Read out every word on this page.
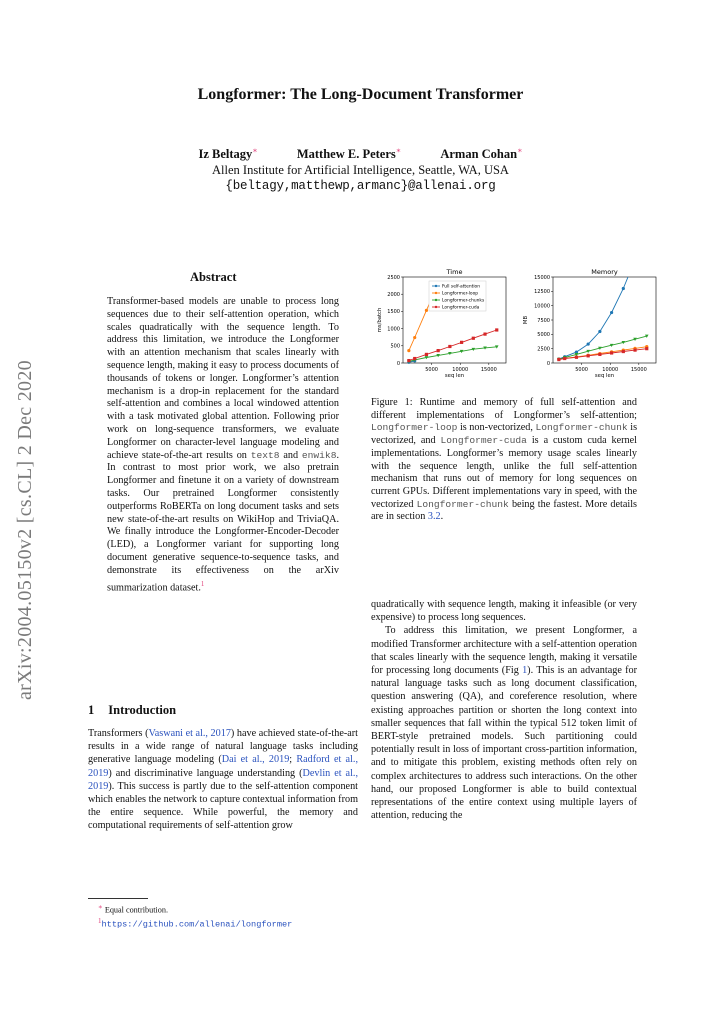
Longformer: The Long-Document Transformer
Iz Beltagy∗	Matthew E. Peters∗	Arman Cohan∗
Allen Institute for Artificial Intelligence, Seattle, WA, USA
{beltagy,matthewp,armanc}@allenai.org
arXiv:2004.05150v2 [cs.CL] 2 Dec 2020
Abstract
Transformer-based models are unable to process long sequences due to their self-attention operation, which scales quadratically with the sequence length. To address this limitation, we introduce the Longformer with an attention mechanism that scales linearly with sequence length, making it easy to process documents of thousands of tokens or longer. Longformer’s attention mechanism is a drop-in replacement for the standard self-attention and combines a local windowed attention with a task motivated global attention. Following prior work on long-sequence transformers, we evaluate Longformer on character-level language modeling and achieve state-of-the-art results on text8 and enwik8. In contrast to most prior work, we also pretrain Longformer and finetune it on a variety of downstream tasks. Our pretrained Longformer consistently outperforms RoBERTa on long document tasks and sets new state-of-the-art results on WikiHop and TriviaQA. We finally introduce the Longformer-Encoder-Decoder (LED), a Longformer variant for supporting long document generative sequence-to-sequence tasks, and demonstrate its effectiveness on the arXiv summarization dataset.$^1$
1 Introduction
Transformers (Vaswani et al., 2017) have achieved state-of-the-art results in a wide range of natural language tasks including generative language modeling (Dai et al., 2019; Radford et al., 2019) and discriminative language understanding (Devlin et al., 2019). This success is partly due to the self-attention component which enables the network to capture contextual information from the entire sequence. While powerful, the memory and computational requirements of self-attention grow
∗ Equal contribution.
$^1$https://github.com/allenai/longformer
Time
5000	10000	15000
0
500
1000
1500
2000
2500
seq len
ms/batch
Full self-attention
Longformer-loop
Longformer-chunks
Longformer-cuda
Memory
5000	10000	15000
0
2500
5000
7500
10000
12500
15000
seq len
MB
Figure 1: Runtime and memory of full self-attention and different implementations of Longformer’s self-attention; Longformer-loop is non-vectorized, Longformer-chunk is vectorized, and Longformer-cuda is a custom cuda kernel implementations. Longformer’s memory usage scales linearly with the sequence length, unlike the full self-attention mechanism that runs out of memory for long sequences on current GPUs. Different implementations vary in speed, with the vectorized Longformer-chunk being the fastest. More details are in section 3.2.

quadratically with sequence length, making it infeasible (or very expensive) to process long sequences.

To address this limitation, we present Longformer, a modified Transformer architecture with a self-attention operation that scales linearly with the sequence length, making it versatile for processing long documents (Fig 1). This is an advantage for natural language tasks such as long document classification, question answering (QA), and coreference resolution, where existing approaches partition or shorten the long context into smaller sequences that fall within the typical 512 token limit of BERT-style pretrained models. Such partitioning could potentially result in loss of important cross-partition information, and to mitigate this problem, existing methods often rely on complex architectures to address such interactions. On the other hand, our proposed Longformer is able to build contextual representations of the entire context using multiple layers of attention, reducing the
